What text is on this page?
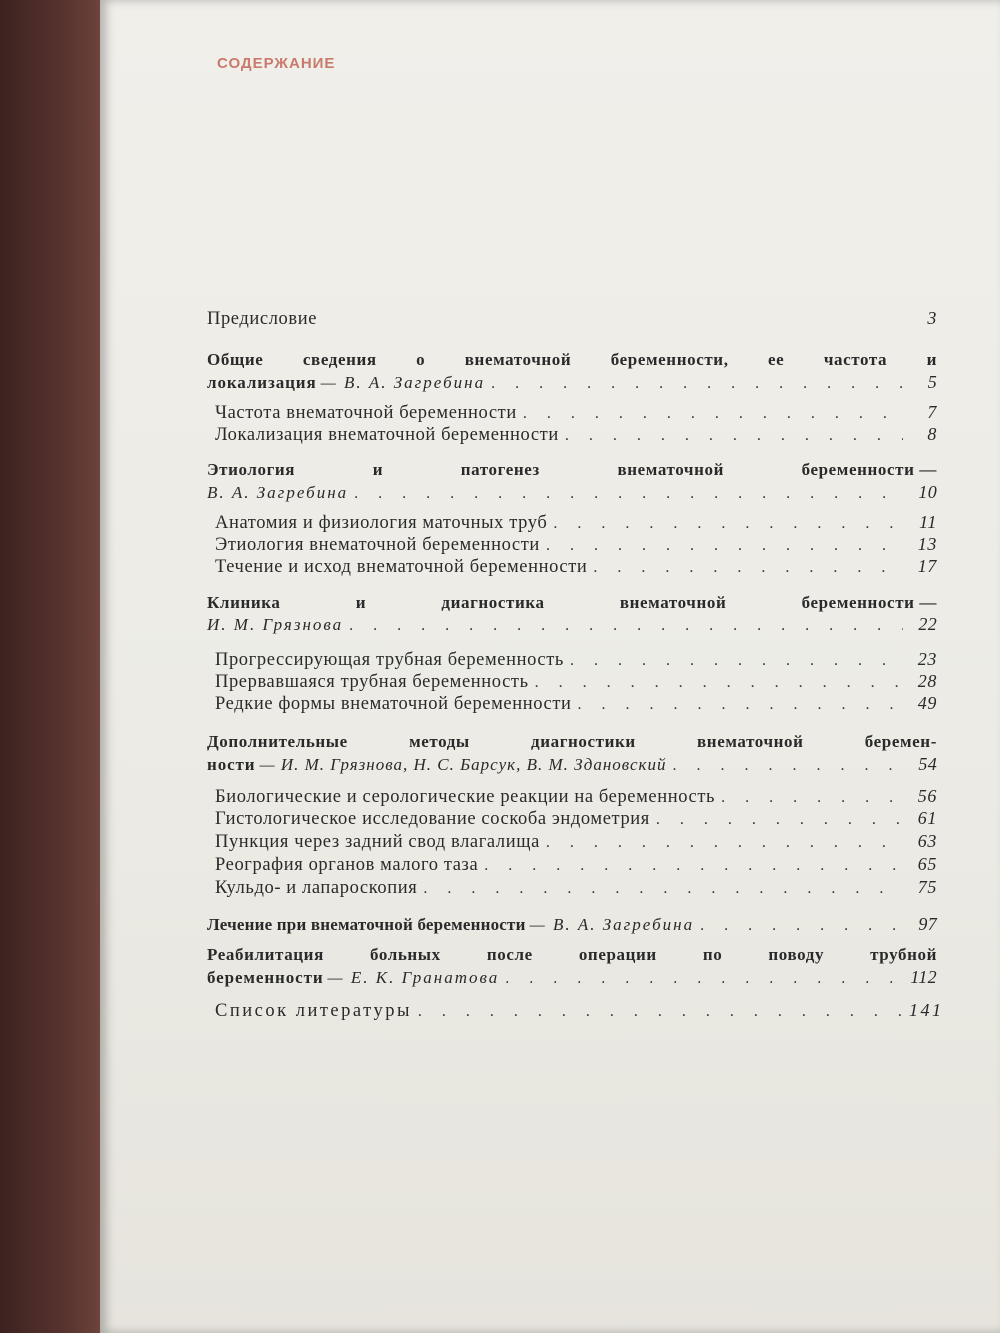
СОДЕРЖАНИЕ
Предисловие	3
Общие сведения о внематочной беременности, ее частота и
локализация — В. А. Загребина . . .	5
Частота внематочной беременности . . .	7
Локализация внематочной беременности . . .	8
Этиология	и	патогенез	внематочной	беременности —
В. А. Загребина . . .	10
Анатомия и физиология маточных труб . . .	11
Этиология внематочной беременности . . .	13
Течение и исход внематочной беременности . . .	17
Клиника	и	диагностика	внематочной	беременности —
И. М. Грязнова . . .	22
Прогрессирующая трубная беременность . . .	23
Прервавшаяся трубная беременность . . .	28
Редкие формы внематочной беременности . . .	49
Дополнительные	методы	диагностики	внематочной	беремен-
ности — И. М. Грязнова, Н. С. Барсук, В. М. Здановский . . .	54
Биологические и серологические реакции на беременность . . .	56
Гистологическое исследование соскоба эндометрия . . .	61
Пункция через задний свод влагалища . . .	63
Реография органов малого таза . . .	65
Кульдо- и лапароскопия . . .	75
Лечение при внематочной беременности — В. А. Загребина . . .	97
Реабилитация	больных	после	операции	по	поводу	трубной
беременности — Е. К. Гранатова . . .	112
Список литературы . . .	141
